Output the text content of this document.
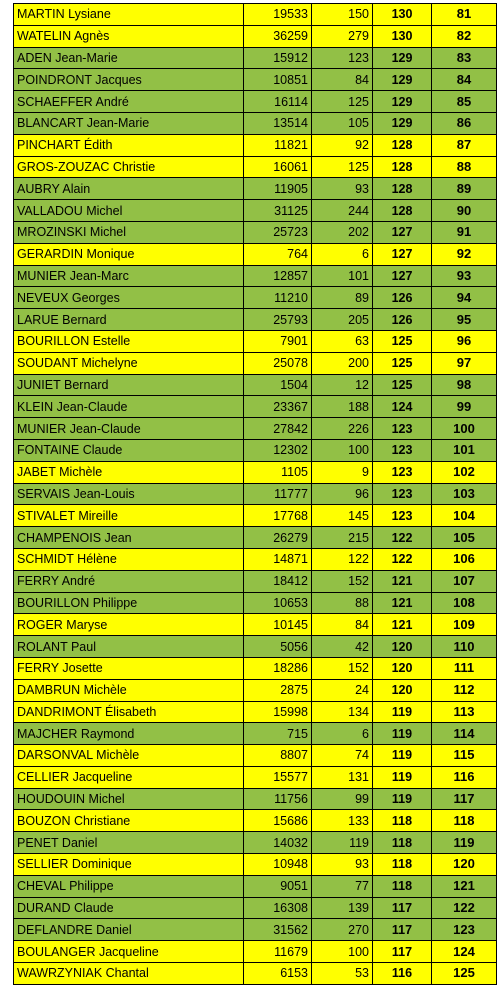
MARTIN Lysiane	19533	150	130	81
WATELIN Agnès	36259	279	130	82
ADEN Jean-Marie	15912	123	129	83
POINDRONT Jacques	10851	84	129	84
SCHAEFFER André	16114	125	129	85
BLANCART Jean-Marie	13514	105	129	86
PINCHART Édith	11821	92	128	87
GROS-ZOUZAC Christie	16061	125	128	88
AUBRY Alain	11905	93	128	89
VALLADOU Michel	31125	244	128	90
MROZINSKI Michel	25723	202	127	91
GERARDIN Monique	764	6	127	92
MUNIER Jean-Marc	12857	101	127	93
NEVEUX Georges	11210	89	126	94
LARUE Bernard	25793	205	126	95
BOURILLON Estelle	7901	63	125	96
SOUDANT Michelyne	25078	200	125	97
JUNIET Bernard	1504	12	125	98
KLEIN Jean-Claude	23367	188	124	99
MUNIER Jean-Claude	27842	226	123	100
FONTAINE Claude	12302	100	123	101
JABET Michèle	1105	9	123	102
SERVAIS Jean-Louis	11777	96	123	103
STIVALET Mireille	17768	145	123	104
CHAMPENOIS Jean	26279	215	122	105
SCHMIDT Hélène	14871	122	122	106
FERRY André	18412	152	121	107
BOURILLON Philippe	10653	88	121	108
ROGER Maryse	10145	84	121	109
ROLANT Paul	5056	42	120	110
FERRY Josette	18286	152	120	111
DAMBRUN Michèle	2875	24	120	112
DANDRIMONT Élisabeth	15998	134	119	113
MAJCHER Raymond	715	6	119	114
DARSONVAL Michèle	8807	74	119	115
CELLIER Jacqueline	15577	131	119	116
HOUDOUIN Michel	11756	99	119	117
BOUZON Christiane	15686	133	118	118
PENET Daniel	14032	119	118	119
SELLIER Dominique	10948	93	118	120
CHEVAL Philippe	9051	77	118	121
DURAND Claude	16308	139	117	122
DEFLANDRE Daniel	31562	270	117	123
BOULANGER Jacqueline	11679	100	117	124
WAWRZYNIAK Chantal	6153	53	116	125
